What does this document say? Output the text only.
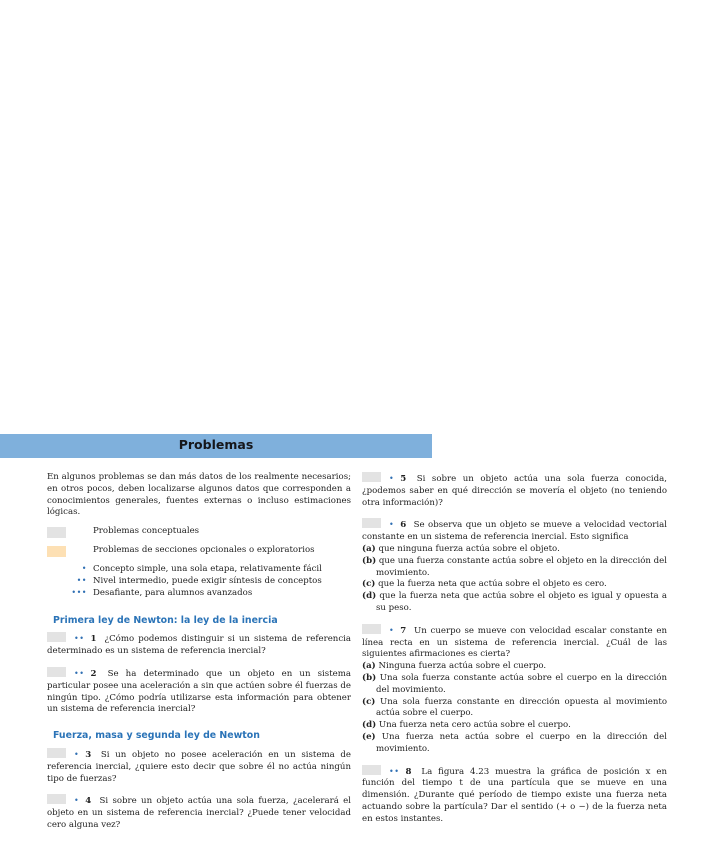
Problemas

En algunos problemas se dan más datos de los realmente necesarios; en otros pocos, deben localizarse algunos datos que corresponden a conocimientos generales, fuentes externas o incluso estimaciones lógicas.

Problemas conceptuales
Problemas de secciones opcionales o exploratorios
• Concepto simple, una sola etapa, relativamente fácil
•• Nivel intermedio, puede exigir síntesis de conceptos
••• Desafiante, para alumnos avanzados
Primera ley de Newton: la ley de la inercia

•• 1 ¿Cómo podemos distinguir si un sistema de referencia determinado es un sistema de referencia inercial?

•• 2 Se ha determinado que un objeto en un sistema particular posee una aceleración a sin que actúen sobre él fuerzas de ningún tipo. ¿Cómo podría utilizarse esta información para obtener un sistema de referencia inercial?

Fuerza, masa y segunda ley de Newton

• 3 Si un objeto no posee aceleración en un sistema de referencia inercial, ¿quiere esto decir que sobre él no actúa ningún tipo de fuerzas?

• 4 Si sobre un objeto actúa una sola fuerza, ¿acelerará el objeto en un sistema de referencia inercial? ¿Puede tener velocidad cero alguna vez?

• 5 Si sobre un objeto actúa una sola fuerza conocida, ¿podemos saber en qué dirección se movería el objeto (no teniendo otra información)?

• 6 Se observa que un objeto se mueve a velocidad vectorial constante en un sistema de referencia inercial. Esto significa

(a) que ninguna fuerza actúa sobre el objeto.

(b) que una fuerza constante actúa sobre el objeto en la dirección del movimiento.

(c) que la fuerza neta que actúa sobre el objeto es cero.

(d) que la fuerza neta que actúa sobre el objeto es igual y opuesta a su peso.

• 7 Un cuerpo se mueve con velocidad escalar constante en línea recta en un sistema de referencia inercial. ¿Cuál de las siguientes afirmaciones es cierta?

(a) Ninguna fuerza actúa sobre el cuerpo.

(b) Una sola fuerza constante actúa sobre el cuerpo en la dirección del movimiento.

(c) Una sola fuerza constante en dirección opuesta al movimiento actúa sobre el cuerpo.

(d) Una fuerza neta cero actúa sobre el cuerpo.

(e) Una fuerza neta actúa sobre el cuerpo en la dirección del movimiento.

•• 8 La figura 4.23 muestra la gráfica de posición x en función del tiempo t de una partícula que se mueve en una dimensión. ¿Durante qué período de tiempo existe una fuerza neta actuando sobre la partícula? Dar el sentido (+ o −) de la fuerza neta en estos instantes.
